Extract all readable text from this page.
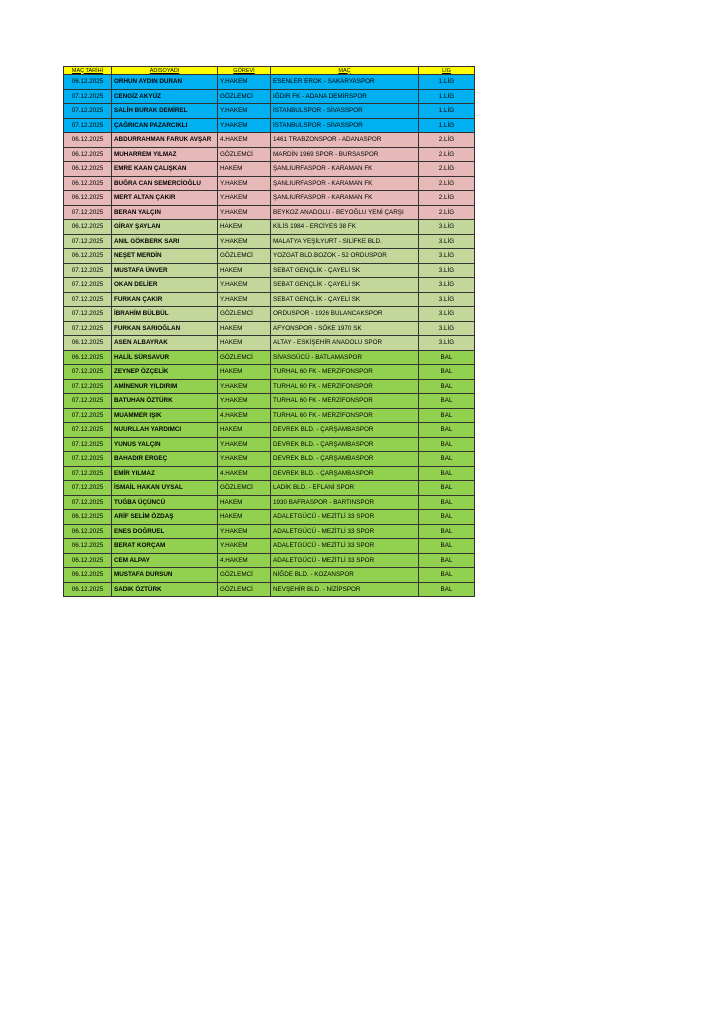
MAÇ TARİHİ	ADISOYADI	GÖREVİ	MAÇ	LİG
06.12.2025	ORHUN AYDIN DURAN	Y.HAKEM	ESENLER EROK - SAKARYASPOR	1.LİG
07.12.2025	CENGİZ AKYÜZ	GÖZLEMCİ	IĞDIR FK - ADANA DEMİRSPOR	1.LİG
07.12.2025	SALİH BURAK DEMİREL	Y.HAKEM	İSTANBULSPOR - SİVASSPOR	1.LİG
07.12.2025	ÇAĞRICAN PAZARCIKLI	Y.HAKEM	İSTANBULSPOR - SİVASSPOR	1.LİG
06.12.2025	ABDURRAHMAN FARUK AVŞAR	4.HAKEM	1461 TRABZONSPOR - ADANASPOR	2.LİG
06.12.2025	MUHARREM YILMAZ	GÖZLEMCİ	MARDİN 1969 SPOR - BURSASPOR	2.LİG
06.12.2025	EMRE KAAN ÇALIŞKAN	HAKEM	ŞANLIURFASPOR - KARAMAN FK	2.LİG
06.12.2025	BUĞRA CAN SEMERCİOĞLU	Y.HAKEM	ŞANLIURFASPOR - KARAMAN FK	2.LİG
06.12.2025	MERT ALTAN ÇAKIR	Y.HAKEM	ŞANLIURFASPOR - KARAMAN FK	2.LİG
07.12.2025	BERAN YALÇIN	Y.HAKEM	BEYKOZ ANADOLU - BEYOĞLU YENİ ÇARŞI	2.LİG
06.12.2025	GİRAY ŞAYLAN	HAKEM	KİLİS 1984 - ERCİYES 38 FK	3.LİG
07.12.2025	ANIL GÖKBERK SARI	Y.HAKEM	MALATYA YEŞİLYURT - SİLİFKE BLD.	3.LİG
06.12.2025	NEŞET MERDİN	GÖZLEMCİ	YOZGAT BLD.BOZOK - 52 ORDUSPOR	3.LİG
07.12.2025	MUSTAFA ÜNVER	HAKEM	SEBAT GENÇLİK - ÇAYELİ SK	3.LİG
07.12.2025	OKAN DELİER	Y.HAKEM	SEBAT GENÇLİK - ÇAYELİ SK	3.LİG
07.12.2025	FURKAN ÇAKIR	Y.HAKEM	SEBAT GENÇLİK - ÇAYELİ SK	3.LİG
07.12.2025	İBRAHİM BÜLBÜL	GÖZLEMCİ	ORDUSPOR - 1926 BULANCAKSPOR	3.LİG
07.12.2025	FURKAN SARIOĞLAN	HAKEM	AFYONSPOR - SÖKE 1970 SK	3.LİG
06.12.2025	ASEN ALBAYRAK	HAKEM	ALTAY - ESKİŞEHİR ANADOLU SPOR	3.LİG
06.12.2025	HALİL SÜRSAVUR	GÖZLEMCİ	SİVASGÜCÜ - BATLAMASPOR	BAL
07.12.2025	ZEYNEP ÖZÇELİK	HAKEM	TURHAL 60 FK - MERZİFONSPOR	BAL
07.12.2025	AMİNENUR YILDIRIM	Y.HAKEM	TURHAL 60 FK - MERZİFONSPOR	BAL
07.12.2025	BATUHAN ÖZTÜRK	Y.HAKEM	TURHAL 60 FK - MERZİFONSPOR	BAL
07.12.2025	MUAMMER IŞIK	4.HAKEM	TURHAL 60 FK - MERZİFONSPOR	BAL
07.12.2025	NUURLLAH YARDIMCI	HAKEM	DEVREK BLD. - ÇARŞAMBASPOR	BAL
07.12.2025	YUNUS YALÇIN	Y.HAKEM	DEVREK BLD. - ÇARŞAMBASPOR	BAL
07.12.2025	BAHADIR ERGEÇ	Y.HAKEM	DEVREK BLD. - ÇARŞAMBASPOR	BAL
07.12.2025	EMİR YILMAZ	4.HAKEM	DEVREK BLD. - ÇARŞAMBASPOR	BAL
07.12.2025	İSMAİL HAKAN UYSAL	GÖZLEMCİ	LADİK BLD. - EFLANİ SPOR	BAL
07.12.2025	TUĞBA ÜÇÜNCÜ	HAKEM	1930 BAFRASPOR - BARTINSPOR	BAL
06.12.2025	ARİF SELİM ÖZDAŞ	HAKEM	ADALETGÜCÜ - MEZİTLİ 33 SPOR	BAL
06.12.2025	ENES DOĞRUEL	Y.HAKEM	ADALETGÜCÜ - MEZİTLİ 33 SPOR	BAL
06.12.2025	BERAT KORÇAM	Y.HAKEM	ADALETGÜCÜ - MEZİTLİ 33 SPOR	BAL
06.12.2025	CEM ALPAY	4.HAKEM	ADALETGÜCÜ - MEZİTLİ 33 SPOR	BAL
06.12.2025	MUSTAFA DURSUN	GÖZLEMCİ	NİĞDE BLD. - KOZANSPOR	BAL
06.12.2025	SADIK ÖZTÜRK	GÖZLEMCİ	NEVŞEHİR BLD. - NİZİPSPOR	BAL
